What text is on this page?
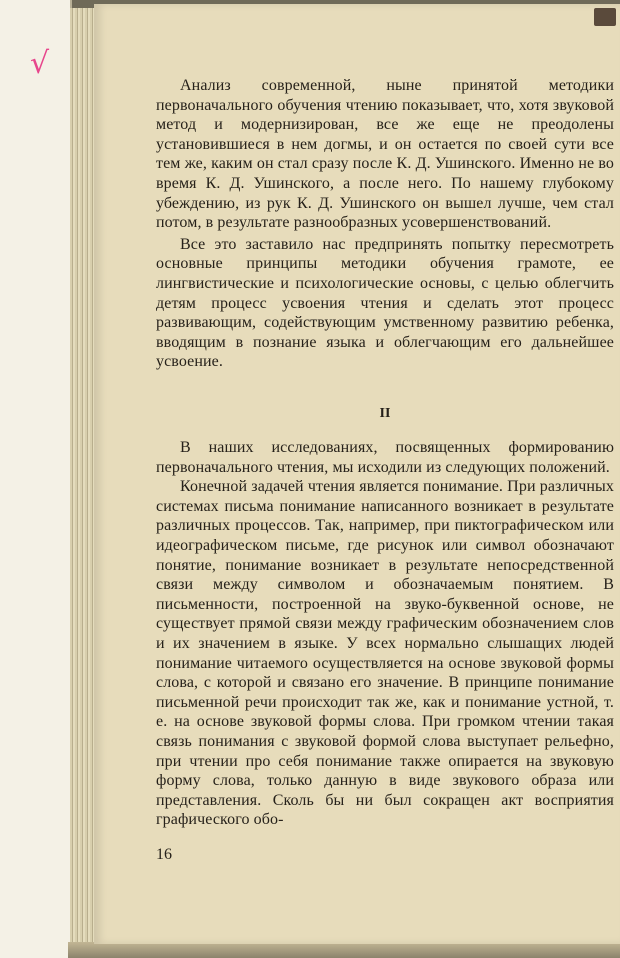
√

Анализ современной, ныне принятой методики первоначального обучения чтению показывает, что, хотя звуковой метод и модернизирован, все же еще не преодолены установившиеся в нем догмы, и он остается по своей сути все тем же, каким он стал сразу после К. Д. Ушинского. Именно не во время К. Д. Ушинского, а после него. По нашему глубокому убеждению, из рук К. Д. Ушинского он вышел лучше, чем стал потом, в результате разнообразных усовершенствований.

Все это заставило нас предпринять попытку пересмотреть основные принципы методики обучения грамоте, ее лингвистические и психологические основы, с целью облегчить детям процесс усвоения чтения и сделать этот процесс развивающим, содействующим умственному развитию ребенка, вводящим в познание языка и облегчающим его дальнейшее усвоение.

II

В наших исследованиях, посвященных формированию первоначального чтения, мы исходили из следующих положений.

Конечной задачей чтения является понимание. При различных системах письма понимание написанного возникает в результате различных процессов. Так, например, при пиктографическом или идеографическом письме, где рисунок или символ обозначают понятие, понимание возникает в результате непосредственной связи между символом и обозначаемым понятием. В письменности, построенной на звуко-буквенной основе, не существует прямой связи между графическим обозначением слов и их значением в языке. У всех нормально слышащих людей понимание читаемого осуществляется на основе звуковой формы слова, с которой и связано его значение. В принципе понимание письменной речи происходит так же, как и понимание устной, т. е. на основе звуковой формы слова. При громком чтении такая связь понимания с звуковой формой слова выступает рельефно, при чтении про себя понимание также опирается на звуковую форму слова, только данную в виде звукового образа или представления. Сколь бы ни был сокращен акт восприятия графического обо-

16
